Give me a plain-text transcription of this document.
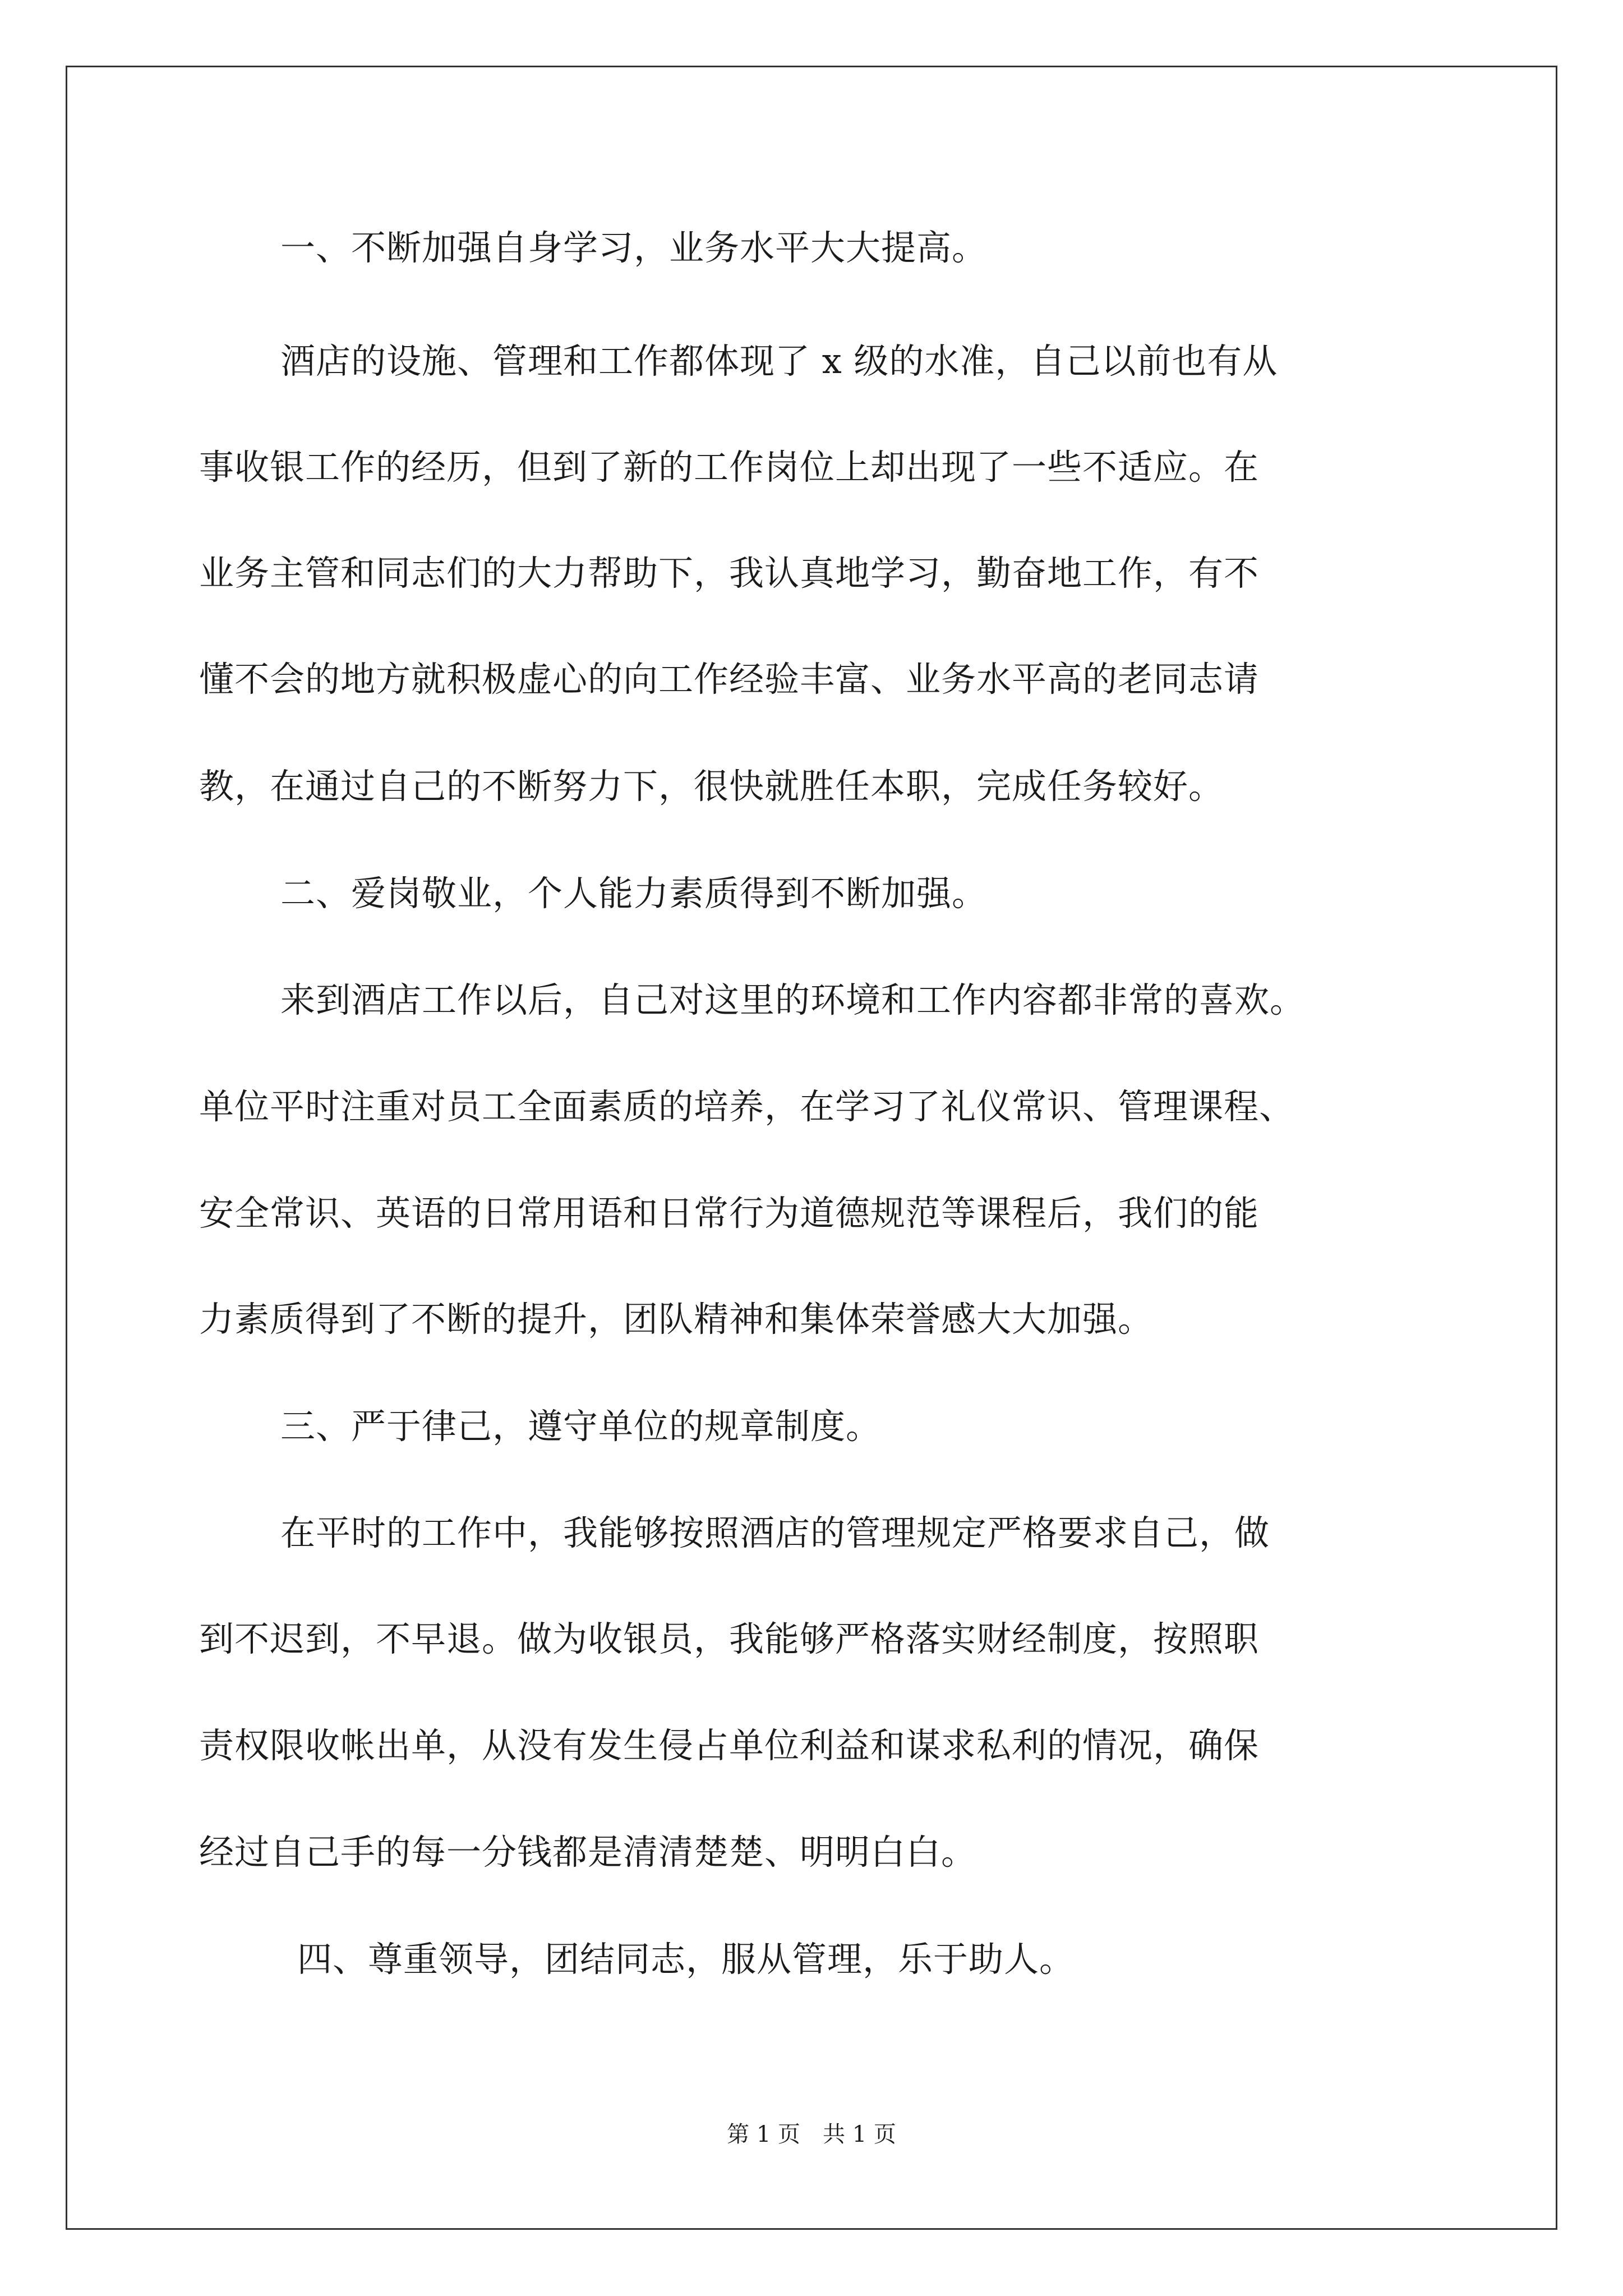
一、不断加强自身学习，业务水平大大提高。
酒店的设施、管理和工作都体现了 x 级的水准，自己以前也有从
事收银工作的经历，但到了新的工作岗位上却出现了一些不适应。在
业务主管和同志们的大力帮助下，我认真地学习，勤奋地工作，有不
懂不会的地方就积极虚心的向工作经验丰富、业务水平高的老同志请
教，在通过自己的不断努力下，很快就胜任本职，完成任务较好。
二、爱岗敬业，个人能力素质得到不断加强。
来到酒店工作以后，自己对这里的环境和工作内容都非常的喜欢。
单位平时注重对员工全面素质的培养，在学习了礼仪常识、管理课程、
安全常识、英语的日常用语和日常行为道德规范等课程后，我们的能
力素质得到了不断的提升，团队精神和集体荣誉感大大加强。
三、严于律己，遵守单位的规章制度。
在平时的工作中，我能够按照酒店的管理规定严格要求自己，做
到不迟到，不早退。做为收银员，我能够严格落实财经制度，按照职
责权限收帐出单，从没有发生侵占单位利益和谋求私利的情况，确保
经过自己手的每一分钱都是清清楚楚、明明白白。
四、尊重领导，团结同志，服从管理，乐于助人。
第 1 页　共 1 页
